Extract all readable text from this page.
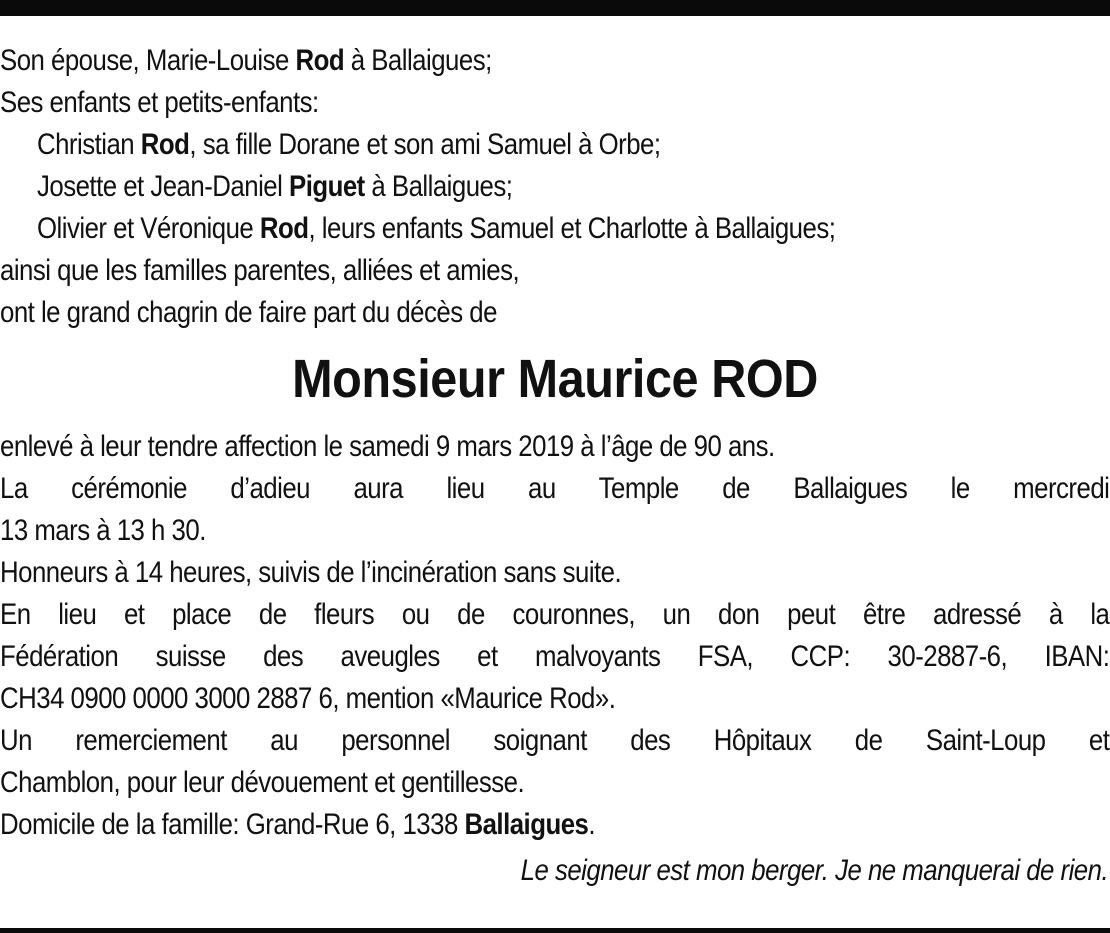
Son épouse, Marie-Louise Rod à Ballaigues;
Ses enfants et petits-enfants:
Christian Rod, sa fille Dorane et son ami Samuel à Orbe;
Josette et Jean-Daniel Piguet à Ballaigues;
Olivier et Véronique Rod, leurs enfants Samuel et Charlotte à Ballaigues;
ainsi que les familles parentes, alliées et amies,
ont le grand chagrin de faire part du décès de
Monsieur Maurice ROD
enlevé à leur tendre affection le samedi 9 mars 2019 à l’âge de 90 ans.
La cérémonie d’adieu aura lieu au Temple de Ballaigues le mercredi
13 mars à 13 h 30.
Honneurs à 14 heures, suivis de l’incinération sans suite.
En lieu et place de fleurs ou de couronnes, un don peut être adressé à la
Fédération suisse des aveugles et malvoyants FSA, CCP: 30-2887-6, IBAN:
CH34 0900 0000 3000 2887 6, mention «Maurice Rod».
Un remerciement au personnel soignant des Hôpitaux de Saint-Loup et
Chamblon, pour leur dévouement et gentillesse.
Domicile de la famille: Grand-Rue 6, 1338 Ballaigues.
Le seigneur est mon berger. Je ne manquerai de rien.
